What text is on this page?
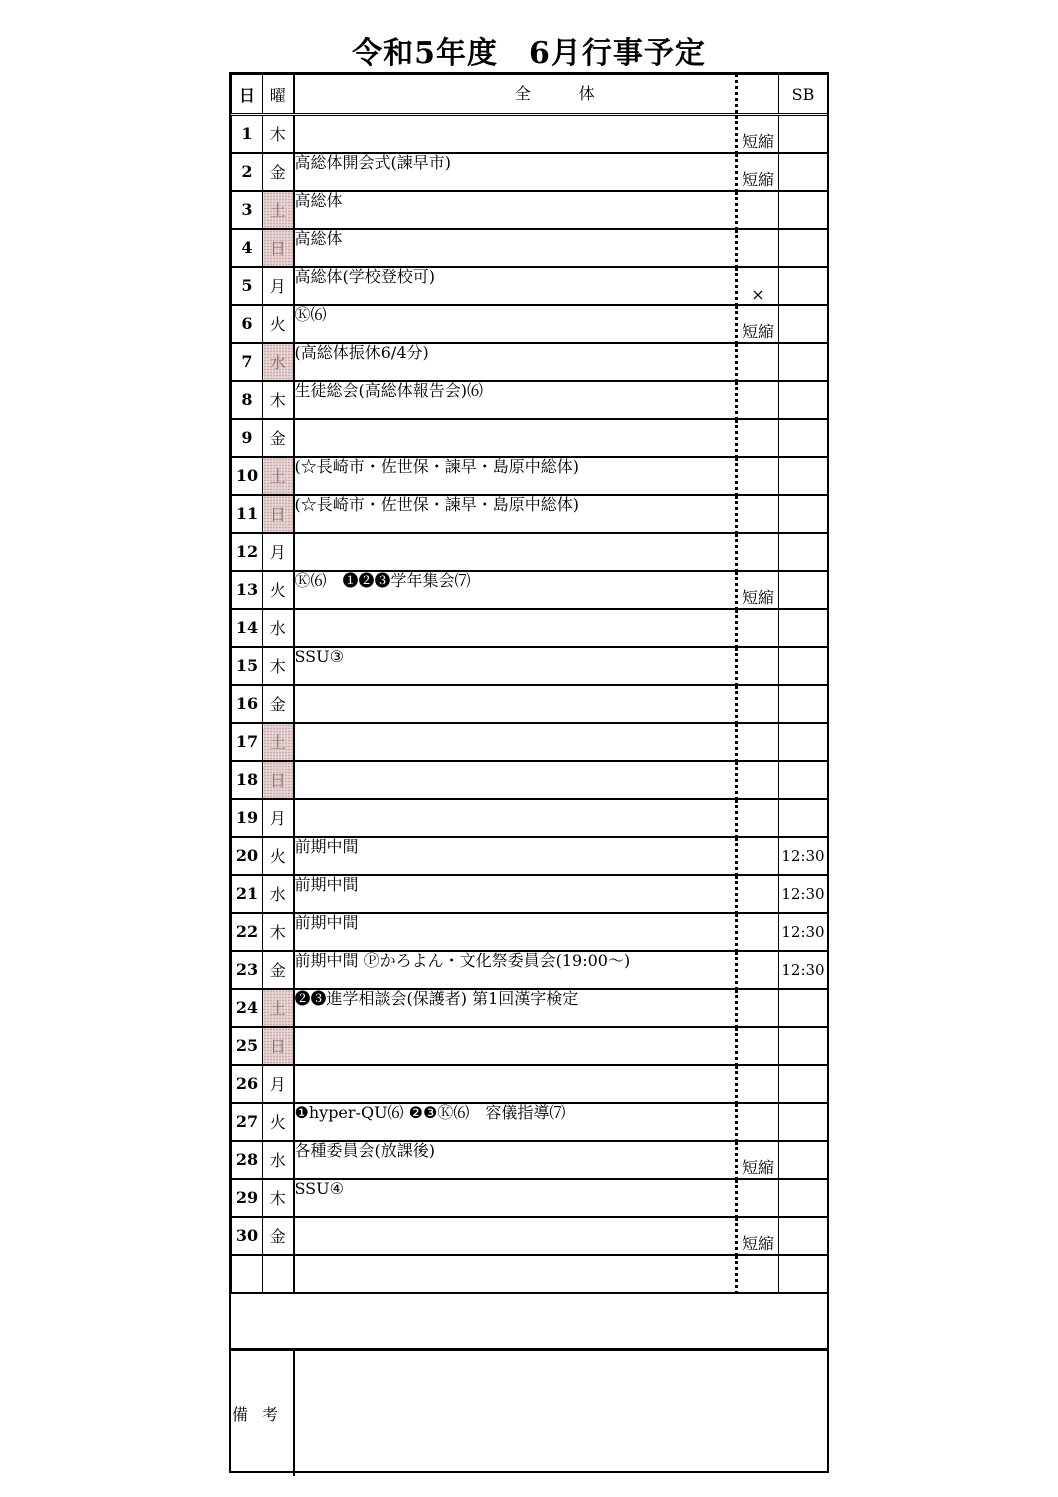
令和5年度　6月行事予定
日	曜	全　　　体		SB
1	木		短縮	
2	金	高総体開会式(諫早市)	短縮	
3	土	高総体		
4	日	高総体		
5	月	高総体(学校登校可)	×	
6	火	Ⓚ⑹	短縮	
7	水	(高総体振休6/4分)		
8	木	生徒総会(高総体報告会)⑹		
9	金			
10	土	(☆長崎市・佐世保・諫早・島原中総体)		
11	日	(☆長崎市・佐世保・諫早・島原中総体)		
12	月			
13	火	Ⓚ⑹　❶❷❸学年集会⑺	短縮	
14	水			
15	木	SSU③		
16	金			
17	土			
18	日			
19	月			
20	火	前期中間		12:30
21	水	前期中間		12:30
22	木	前期中間		12:30
23	金	前期中間 Ⓟかろよん・文化祭委員会(19:00～)		12:30
24	土	❷❸進学相談会(保護者) 第1回漢字検定		
25	日			
26	月			
27	火	❶hyper-QU⑹ ❷❸Ⓚ⑹　容儀指導⑺		
28	水	各種委員会(放課後)	短縮	
29	木	SSU④		
30	金		短縮	

備考
